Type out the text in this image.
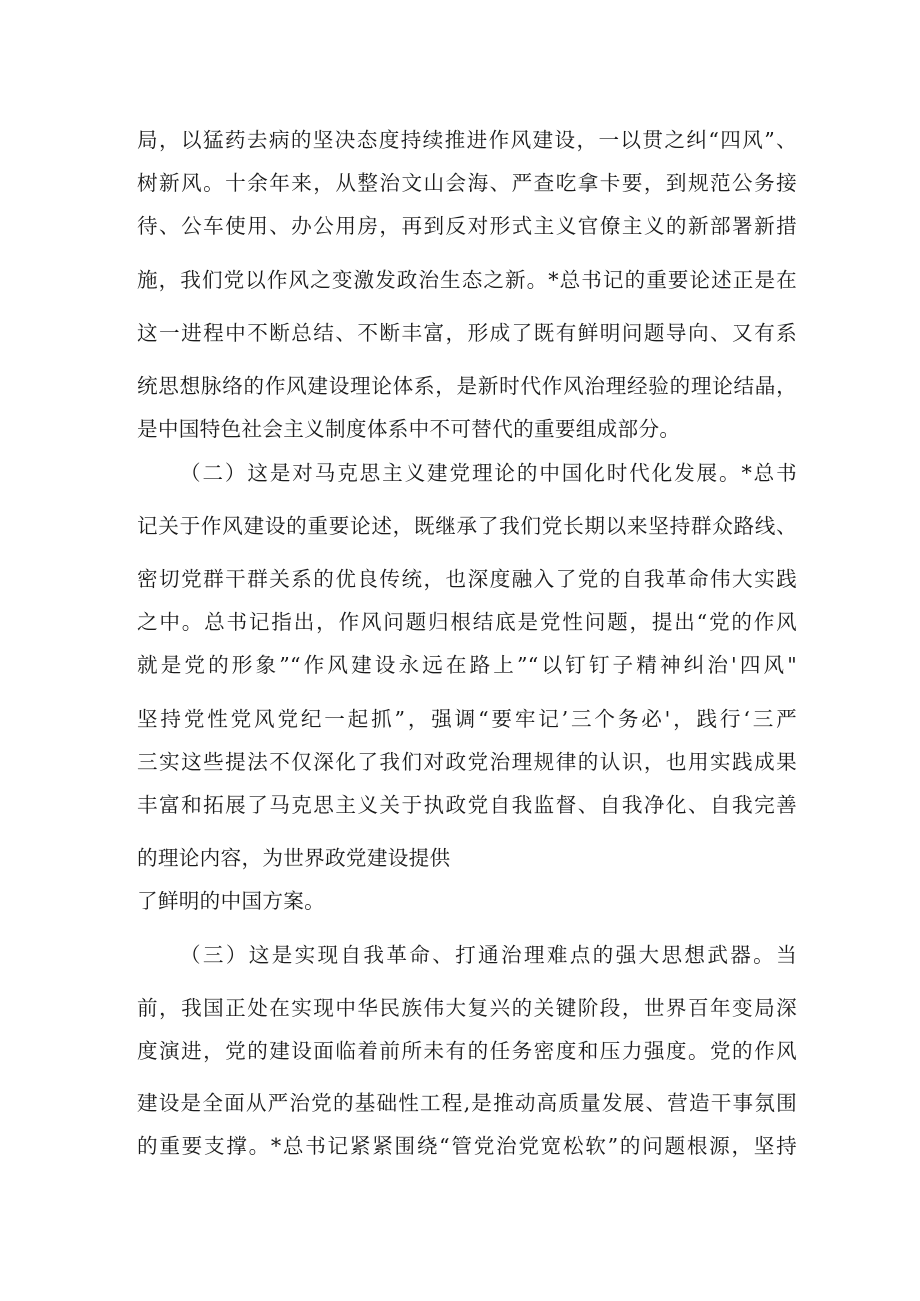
局，以猛药去病的坚决态度持续推进作风建设，一以贯之纠“四风”、
树新风。十余年来，从整治文山会海、严查吃拿卡要，到规范公务接
待、公车使用、办公用房，再到反对形式主义官僚主义的新部署新措
施，我们党以作风之变激发政治生态之新。*总书记的重要论述正是在
这一进程中不断总结、不断丰富，形成了既有鲜明问题导向、又有系
统思想脉络的作风建设理论体系，是新时代作风治理经验的理论结晶，
是中国特色社会主义制度体系中不可替代的重要组成部分。
（二）这是对马克思主义建党理论的中国化时代化发展。*总书
记关于作风建设的重要论述，既继承了我们党长期以来坚持群众路线、
密切党群干群关系的优良传统，也深度融入了党的自我革命伟大实践
之中。总书记指出，作风问题归根结底是党性问题，提出“党的作风
就是党的形象”“作风建设永远在路上”“以钉钉子精神纠治'四风"
坚持党性党风党纪一起抓”，强调“要牢记’三个务必'，践行‘三严
三实这些提法不仅深化了我们对政党治理规律的认识，也用实践成果
丰富和拓展了马克思主义关于执政党自我监督、自我净化、自我完善
的理论内容，为世界政党建设提供
了鲜明的中国方案。
（三）这是实现自我革命、打通治理难点的强大思想武器。当
前，我国正处在实现中华民族伟大复兴的关键阶段，世界百年变局深
度演进，党的建设面临着前所未有的任务密度和压力强度。党的作风
建设是全面从严治党的基础性工程,是推动高质量发展、营造干事氛围
的重要支撑。*总书记紧紧围绕“管党治党宽松软”的问题根源，坚持
